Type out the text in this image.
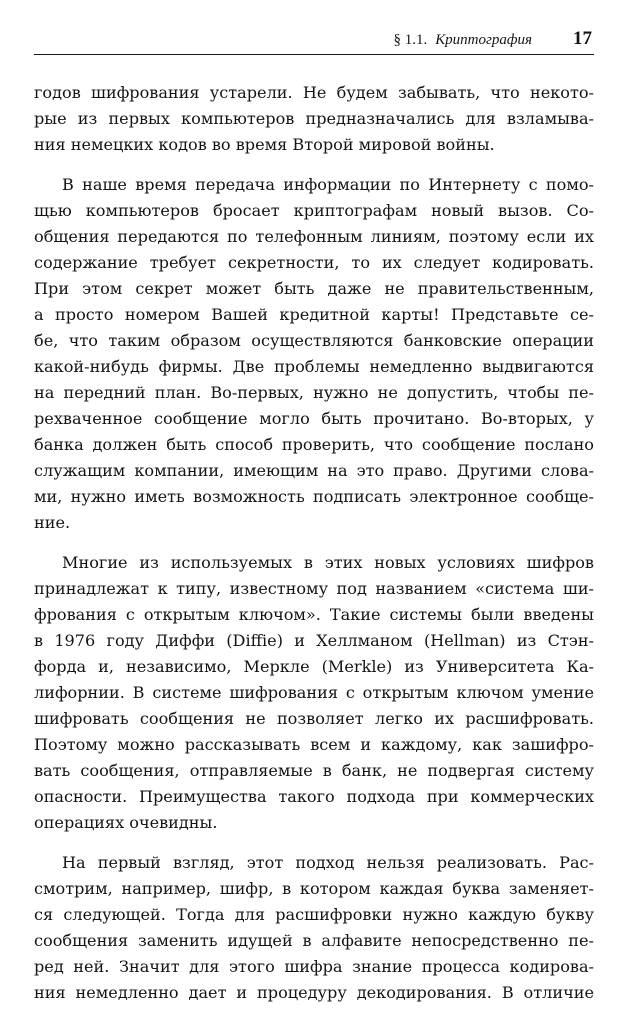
§ 1.1. Криптография 17
годов шифрования устарели. Не будем забывать, что некото-
рые из первых компьютеров предназначались для взламыва-
ния немецких кодов во время Второй мировой войны.
В наше время передача информации по Интернету с помо-
щью компьютеров бросает криптографам новый вызов. Со-
общения передаются по телефонным линиям, поэтому если их
содержание требует секретности, то их следует кодировать.
При этом секрет может быть даже не правительственным,
а просто номером Вашей кредитной карты! Представьте се-
бе, что таким образом осуществляются банковские операции
какой-нибудь фирмы. Две проблемы немедленно выдвигаются
на передний план. Во-первых, нужно не допустить, чтобы пе-
рехваченное сообщение могло быть прочитано. Во-вторых, у
банка должен быть способ проверить, что сообщение послано
служащим компании, имеющим на это право. Другими слова-
ми, нужно иметь возможность подписать электронное сообще-
ние.
Многие из используемых в этих новых условиях шифров
принадлежат к типу, известному под названием «система ши-
фрования с открытым ключом». Такие системы были введены
в 1976 году Диффи (Diffie) и Хеллманом (Hellman) из Стэн-
форда и, независимо, Меркле (Merkle) из Университета Ка-
лифорнии. В системе шифрования с открытым ключом умение
шифровать сообщения не позволяет легко их расшифровать.
Поэтому можно рассказывать всем и каждому, как зашифро-
вать сообщения, отправляемые в банк, не подвергая систему
опасности. Преимущества такого подхода при коммерческих
операциях очевидны.
На первый взгляд, этот подход нельзя реализовать. Рас-
смотрим, например, шифр, в котором каждая буква заменяет-
ся следующей. Тогда для расшифровки нужно каждую букву
сообщения заменить идущей в алфавите непосредственно пе-
ред ней. Значит для этого шифра знание процесса кодирова-
ния немедленно дает и процедуру декодирования. В отличие
